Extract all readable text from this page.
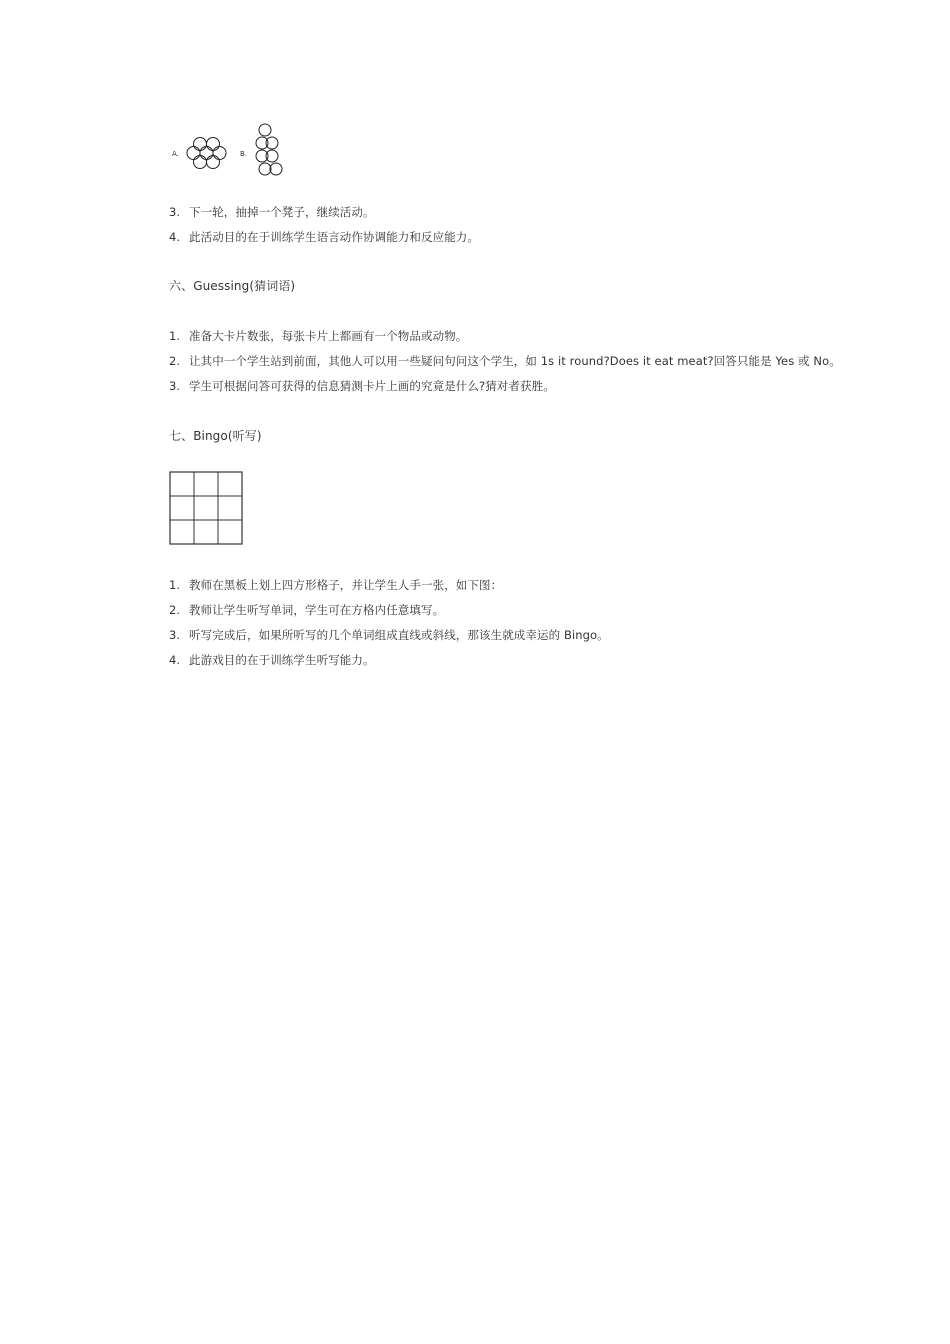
A.	B.
3. 下一轮，抽掉一个凳子，继续活动。
4. 此活动目的在于训练学生语言动作协调能力和反应能力。
六、Guessing(猜词语)
1. 准备大卡片数张，每张卡片上都画有一个物品或动物。
2. 让其中一个学生站到前面，其他人可以用一些疑问句问这个学生，如 1s it round?Does it eat meat?回答只能是 Yes 或 No。
3. 学生可根据问答可获得的信息猜测卡片上画的究竟是什么?猜对者获胜。
七、Bingo(听写)
1. 教师在黑板上划上四方形格子，并让学生人手一张，如下图：
2. 教师让学生听写单词，学生可在方格内任意填写。
3. 听写完成后，如果所听写的几个单词组成直线或斜线，那该生就成幸运的 Bingo。
4. 此游戏目的在于训练学生听写能力。
